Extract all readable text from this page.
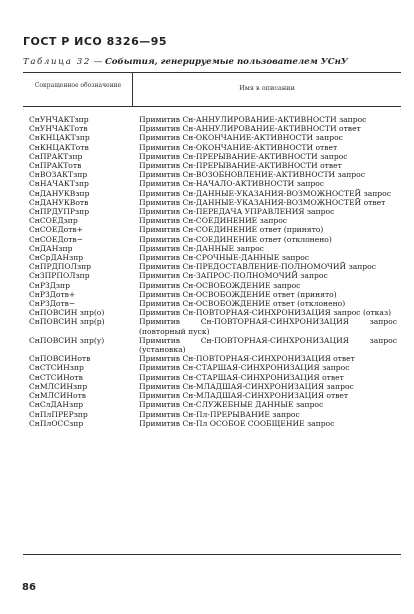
ГОСТ Р ИСО 8326—95
Таблица 32 — События, генерируемые пользователем УСнУ
Сокращенное обозначение	Имя в описании
СнУНЧАКТзпр	Примитив Сн-АННУЛИРОВАНИЕ-АКТИВНОСТИ запрос
СнУНЧАКТотв	Примитив Сн-АННУЛИРОВАНИЕ-АКТИВНОСТИ ответ
СнКНЦАКТзпр	Примитив Сн-ОКОНЧАНИЕ-АКТИВНОСТИ запрос
СнКНЦАКТотв	Примитив Сн-ОКОНЧАНИЕ-АКТИВНОСТИ ответ
СнПРАКТзпр	Примитив Сн-ПРЕРЫВАНИЕ-АКТИВНОСТИ запрос
СнПРАКТотв	Примитив Сн-ПРЕРЫВАНИЕ-АКТИВНОСТИ ответ
СнВОЗАКТзпр	Примитив Сн-ВОЗОБНОВЛЕНИЕ-АКТИВНОСТИ запрос
СнНАЧАКТзпр	Примитив Сн-НАЧАЛО-АКТИВНОСТИ запрос
СнДАНУКВзпр	Примитив Сн-ДАННЫЕ-УКАЗАНИЯ-ВОЗМОЖНОСТЕЙ запрос
СнДАНУКВотв	Примитив Сн-ДАННЫЕ-УКАЗАНИЯ-ВОЗМОЖНОСТЕЙ ответ
СнПРДУПРзпр	Примитив Сн-ПЕРЕДАЧА УПРАВЛЕНИЯ запрос
СнСОЕДзпр	Примитив Сн-СОЕДИНЕНИЕ запрос
СнСОЕДотв+	Примитив Сн-СОЕДИНЕНИЕ ответ (принято)
СнСОЕДотв−	Примитив Сн-СОЕДИНЕНИЕ ответ (отклонено)
СнДАНзпр	Примитив Сн-ДАННЫЕ запрос
СнСрДАНзпр	Примитив Сн-СРОЧНЫЕ-ДАННЫЕ запрос
СнПРДПОЛзпр	Примитив Сн-ПРЕДОСТАВЛЕНИЕ-ПОЛНОМОЧИЙ запрос
СнЗПРПОЛзпр	Примитив Сн-ЗАПРОС-ПОЛНОМОЧИЙ запрос
СнРЗДзпр	Примитив Сн-ОСВОБОЖДЕНИЕ запрос
СнРЗДотв+	Примитив Сн-ОСВОБОЖДЕНИЕ ответ (принято)
СнРЗДотв−	Примитив Сн-ОСВОБОЖДЕНИЕ ответ (отклонено)
СнПОВСИН зпр(о)	Примитив Сн-ПОВТОРНАЯ-СИНХРОНИЗАЦИЯ запрос (отказ)
СнПОВСИН зпр(р)	Примитив Сн-ПОВТОРНАЯ-СИНХРОНИЗАЦИЯ запрос (повторный пуск)
СнПОВСИН зпр(у)	Примитив Сн-ПОВТОРНАЯ-СИНХРОНИЗАЦИЯ запрос (установка)
СнПОВСИНотв	Примитив Сн-ПОВТОРНАЯ-СИНХРОНИЗАЦИЯ ответ
СнСТСИНзпр	Примитив Сн-СТАРШАЯ-СИНХРОНИЗАЦИЯ запрос
СнСТСИНотв	Примитив Сн-СТАРШАЯ-СИНХРОНИЗАЦИЯ ответ
СнМЛСИНзпр	Примитив Сн-МЛАДШАЯ-СИНХРОНИЗАЦИЯ запрос
СнМЛСИНотв	Примитив Сн-МЛАДШАЯ-СИНХРОНИЗАЦИЯ ответ
СнСлДАНзпр	Примитив Сн-СЛУЖЕБНЫЕ ДАННЫЕ запрос
СнПлПРЕРзпр	Примитив Сн-Пл-ПРЕРЫВАНИЕ запрос
СнПлОССзпр	Примитив Сн-Пл ОСОБОЕ СООБЩЕНИЕ запрос
86
